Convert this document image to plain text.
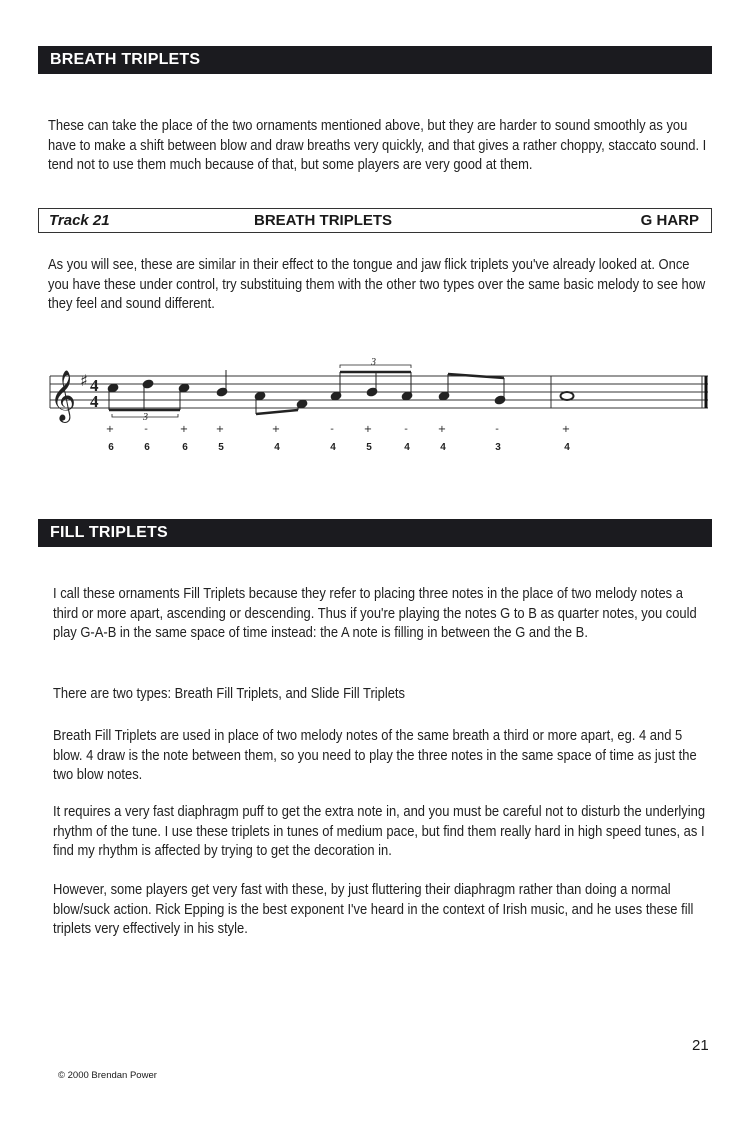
BREATH TRIPLETS

These can take the place of the two ornaments mentioned above, but they are harder to sound smoothly as you have to make a shift between blow and draw breaths very quickly, and that gives a rather choppy, staccato sound. I tend not to use them much because of that, but some players are very good at them.

Track 21	BREATH TRIPLETS	G HARP

As you will see, these are similar in their effect to the tongue and jaw flick triplets you've already looked at. Once you have these under control, try substituing them with the other two types over the same basic melody to see how they feel and sound different.

𝄞 ♯ 4
4
3
3
+	-	+	+	+	-	+	-	+	-	+
6	6	6	5	4	4	5	4	4	3	4
FILL TRIPLETS

I call these ornaments Fill Triplets because they refer to placing three notes in the place of two melody notes a third or more apart, ascending or descending. Thus if you're playing the notes G to B as quarter notes, you could play G-A-B in the same space of time instead: the A note is filling in between the G and the B.

There are two types: Breath Fill Triplets, and Slide Fill Triplets

Breath Fill Triplets are used in place of two melody notes of the same breath a third or more apart, eg. 4 and 5 blow. 4 draw is the note between them, so you need to play the three notes in the same space of time as just the two blow notes.

It requires a very fast diaphragm puff to get the extra note in, and you must be careful not to disturb the underlying rhythm of the tune. I use these triplets in tunes of medium pace, but find them really hard in high speed tunes, as I find my rhythm is affected by trying to get the decoration in.

However, some players get very fast with these, by just fluttering their diaphragm rather than doing a normal blow/suck action. Rick Epping is the best exponent I've heard in the context of Irish music, and he uses these fill triplets very effectively in his style.

21
© 2000 Brendan Power
